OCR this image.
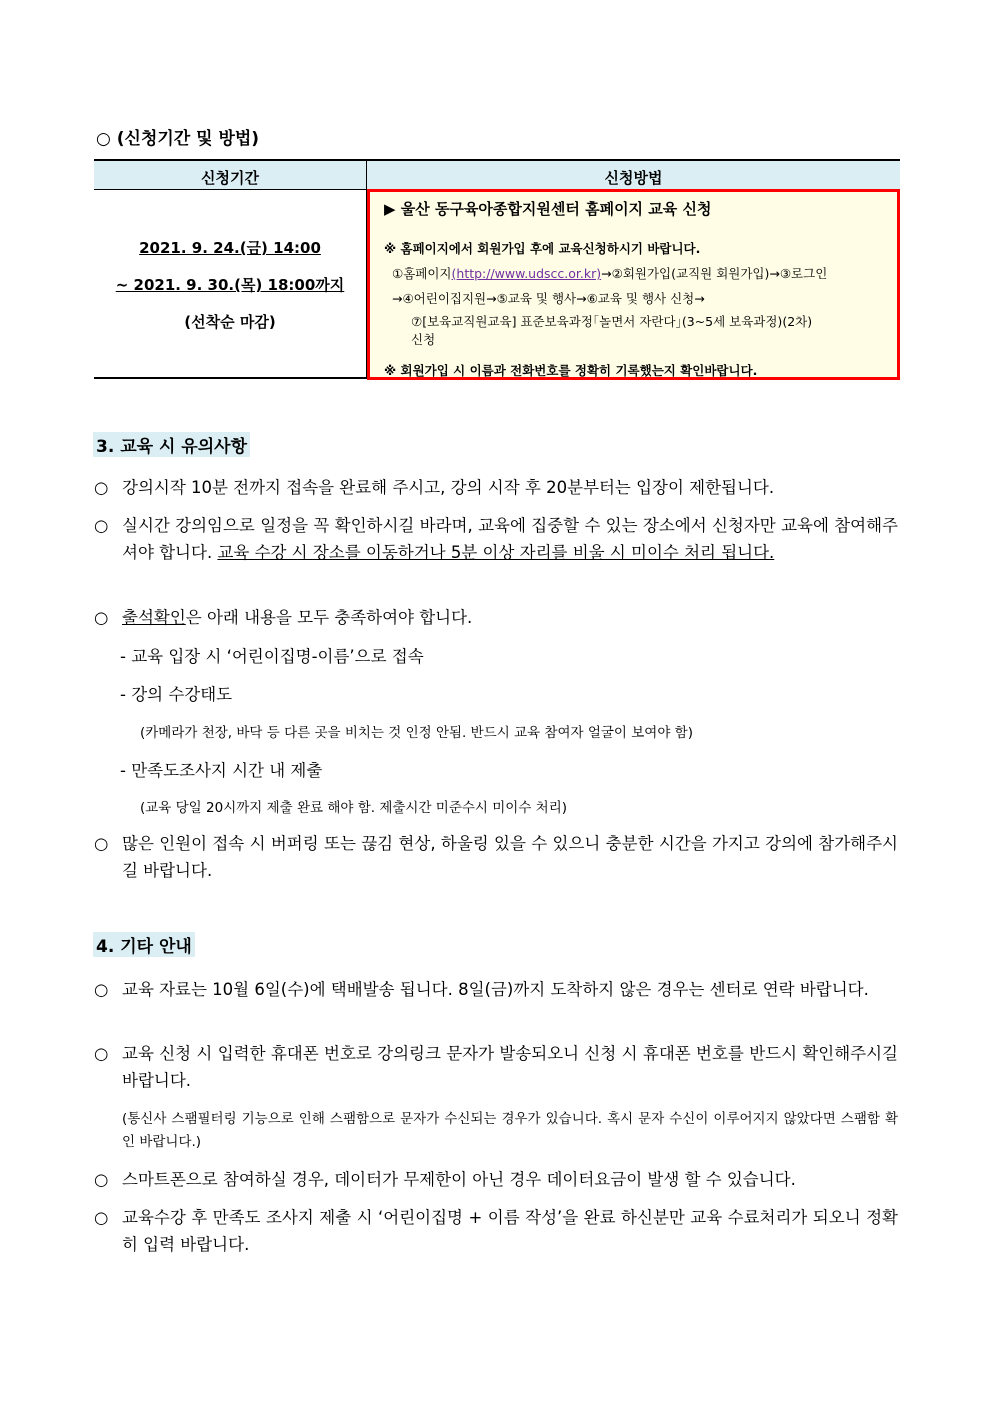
○ (신청기간 및 방법)
신청기간	신청방법
2021. 9. 24.(금) 14:00
~ 2021. 9. 30.(목) 18:00까지
(선착순 마감)
▶ 울산 동구육아종합지원센터 홈페이지 교육 신청
※ 홈페이지에서 회원가입 후에 교육신청하시기 바랍니다.
①홈페이지(http://www.udscc.or.kr)→②회원가입(교직원 회원가입)→③로그인
→④어린이집지원→⑤교육 및 행사→⑥교육 및 행사 신청→
⑦[보육교직원교육] 표준보육과정｢놀면서 자란다｣(3~5세 보육과정)(2차)
신청
※ 회원가입 시 이름과 전화번호를 정확히 기록했는지 확인바랍니다.
3. 교육 시 유의사항
○ 강의시작 10분 전까지 접속을 완료해 주시고, 강의 시작 후 20분부터는 입장이 제한됩니다.
○ 실시간 강의임으로 일정을 꼭 확인하시길 바라며, 교육에 집중할 수 있는 장소에서 신청자만 교육에 참여해주셔야 합니다. 교육 수강 시 장소를 이동하거나 5분 이상 자리를 비울 시 미이수 처리 됩니다.
○ 출석확인은 아래 내용을 모두 충족하여야 합니다.
- 교육 입장 시 ‘어린이집명-이름’으로 접속
- 강의 수강태도
(카메라가 천장, 바닥 등 다른 곳을 비치는 것 인정 안됨. 반드시 교육 참여자 얼굴이 보여야 함)
- 만족도조사지 시간 내 제출
(교육 당일 20시까지 제출 완료 해야 함. 제출시간 미준수시 미이수 처리)
○ 많은 인원이 접속 시 버퍼링 또는 끊김 현상, 하울링 있을 수 있으니 충분한 시간을 가지고 강의에 참가해주시길 바랍니다.
4. 기타 안내
○ 교육 자료는 10월 6일(수)에 택배발송 됩니다. 8일(금)까지 도착하지 않은 경우는 센터로 연락 바랍니다.
○ 교육 신청 시 입력한 휴대폰 번호로 강의링크 문자가 발송되오니 신청 시 휴대폰 번호를 반드시 확인해주시길 바랍니다.
(통신사 스팸필터링 기능으로 인해 스팸함으로 문자가 수신되는 경우가 있습니다. 혹시 문자 수신이 이루어지지 않았다면 스팸함 확인 바랍니다.)
○ 스마트폰으로 참여하실 경우, 데이터가 무제한이 아닌 경우 데이터요금이 발생 할 수 있습니다.
○ 교육수강 후 만족도 조사지 제출 시 ‘어린이집명 + 이름 작성’을 완료 하신분만 교육 수료처리가 되오니 정확히 입력 바랍니다.
